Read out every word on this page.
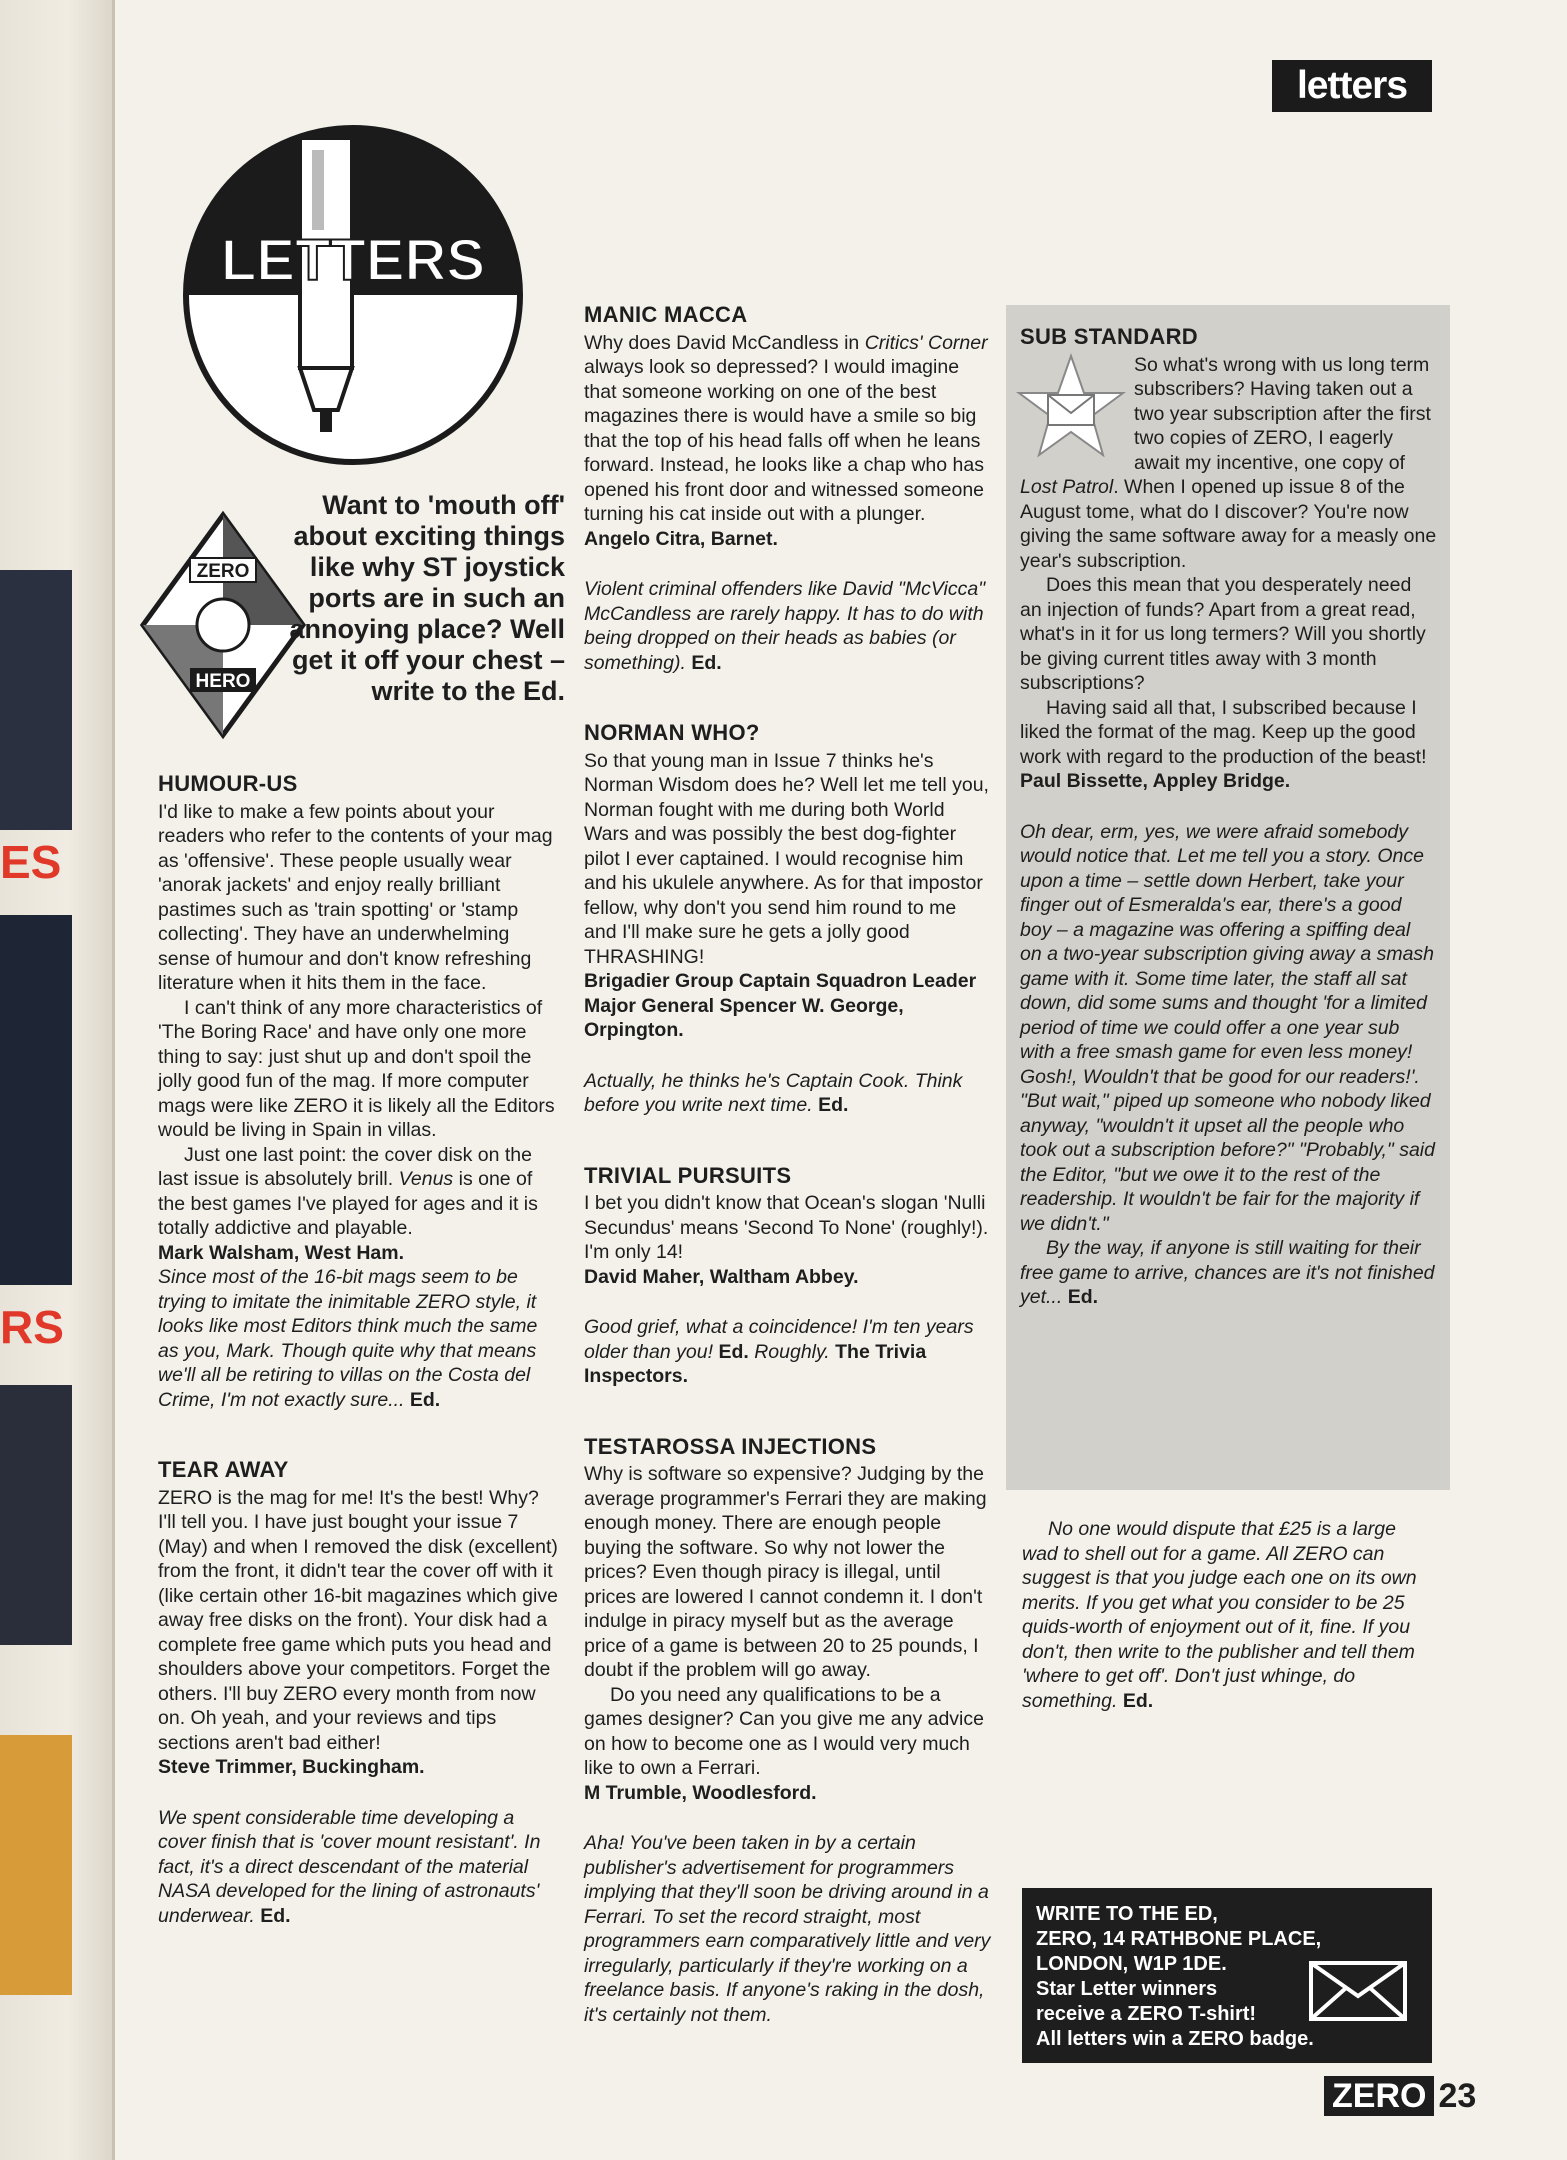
ES
RS
letters
LETTERS
ZERO
HERO
Want to 'mouth off' about exciting things like why ST joystick ports are in such an annoying place? Well get it off your chest – write to the Ed.
HUMOUR-US

I'd like to make a few points about your readers who refer to the contents of your mag as 'offensive'. These people usually wear 'anorak jackets' and enjoy really brilliant pastimes such as 'train spotting' or 'stamp collecting'. They have an underwhelming sense of humour and don't know refreshing literature when it hits them in the face.

I can't think of any more characteristics of 'The Boring Race' and have only one more thing to say: just shut up and don't spoil the jolly good fun of the mag. If more computer mags were like ZERO it is likely all the Editors would be living in Spain in villas.

Just one last point: the cover disk on the last issue is absolutely brill. Venus is one of the best games I've played for ages and it is totally addictive and playable.

Mark Walsham, West Ham.

Since most of the 16-bit mags seem to be trying to imitate the inimitable ZERO style, it looks like most Editors think much the same as you, Mark. Though quite why that means we'll all be retiring to villas on the Costa del Crime, I'm not exactly sure... Ed.

TEAR AWAY

ZERO is the mag for me! It's the best! Why? I'll tell you. I have just bought your issue 7 (May) and when I removed the disk (excellent) from the front, it didn't tear the cover off with it (like certain other 16-bit magazines which give away free disks on the front). Your disk had a complete free game which puts you head and shoulders above your competitors. Forget the others. I'll buy ZERO every month from now on. Oh yeah, and your reviews and tips sections aren't bad either!

Steve Trimmer, Buckingham.

We spent considerable time developing a cover finish that is 'cover mount resistant'. In fact, it's a direct descendant of the material NASA developed for the lining of astronauts' underwear. Ed.

MANIC MACCA

Why does David McCandless in Critics' Corner always look so depressed? I would imagine that someone working on one of the best magazines there is would have a smile so big that the top of his head falls off when he leans forward. Instead, he looks like a chap who has opened his front door and witnessed someone turning his cat inside out with a plunger.

Angelo Citra, Barnet.

Violent criminal offenders like David "McVicca" McCandless are rarely happy. It has to do with being dropped on their heads as babies (or something). Ed.

NORMAN WHO?

So that young man in Issue 7 thinks he's Norman Wisdom does he? Well let me tell you, Norman fought with me during both World Wars and was possibly the best dog-fighter pilot I ever captained. I would recognise him and his ukulele anywhere. As for that impostor fellow, why don't you send him round to me and I'll make sure he gets a jolly good THRASHING!

Brigadier Group Captain Squadron Leader Major General Spencer W. George, Orpington.

Actually, he thinks he's Captain Cook. Think before you write next time. Ed.

TRIVIAL PURSUITS

I bet you didn't know that Ocean's slogan 'Nulli Secundus' means 'Second To None' (roughly!). I'm only 14!

David Maher, Waltham Abbey.

Good grief, what a coincidence! I'm ten years older than you! Ed. Roughly. The Trivia Inspectors.

TESTAROSSA INJECTIONS

Why is software so expensive? Judging by the average programmer's Ferrari they are making enough money. There are enough people buying the software. So why not lower the prices? Even though piracy is illegal, until prices are lowered I cannot condemn it. I don't indulge in piracy myself but as the average price of a game is between 20 to 25 pounds, I doubt if the problem will go away.

Do you need any qualifications to be a games designer? Can you give me any advice on how to become one as I would very much like to own a Ferrari.

M Trumble, Woodlesford.

Aha! You've been taken in by a certain publisher's advertisement for programmers implying that they'll soon be driving around in a Ferrari. To set the record straight, most programmers earn comparatively little and very irregularly, particularly if they're working on a freelance basis. If anyone's raking in the dosh, it's certainly not them.

SUB STANDARD

So what's wrong with us long term subscribers? Having taken out a two year subscription after the first two copies of ZERO, I eagerly await my incentive, one copy of Lost Patrol. When I opened up issue 8 of the August tome, what do I discover? You're now giving the same software away for a measly one year's subscription.

Does this mean that you desperately need an injection of funds? Apart from a great read, what's in it for us long termers? Will you shortly be giving current titles away with 3 month subscriptions?

Having said all that, I subscribed because I liked the format of the mag. Keep up the good work with regard to the production of the beast!

Paul Bissette, Appley Bridge.

Oh dear, erm, yes, we were afraid somebody would notice that. Let me tell you a story. Once upon a time – settle down Herbert, take your finger out of Esmeralda's ear, there's a good boy – a magazine was offering a spiffing deal on a two-year subscription giving away a smash game with it. Some time later, the staff all sat down, did some sums and thought 'for a limited period of time we could offer a one year sub with a free smash game for even less money! Gosh!, Wouldn't that be good for our readers!'. "But wait," piped up someone who nobody liked anyway, "wouldn't it upset all the people who took out a subscription before?" "Probably," said the Editor, "but we owe it to the rest of the readership. It wouldn't be fair for the majority if we didn't."

By the way, if anyone is still waiting for their free game to arrive, chances are it's not finished yet... Ed.

No one would dispute that £25 is a large wad to shell out for a game. All ZERO can suggest is that you judge each one on its own merits. If you get what you consider to be 25 quids-worth of enjoyment out of it, fine. If you don't, then write to the publisher and tell them 'where to get off'. Don't just whinge, do something. Ed.

WRITE TO THE ED,
ZERO, 14 RATHBONE PLACE,
LONDON, W1P 1DE.
Star Letter winners
receive a ZERO T-shirt!
All letters win a ZERO badge.
ZERO 23
